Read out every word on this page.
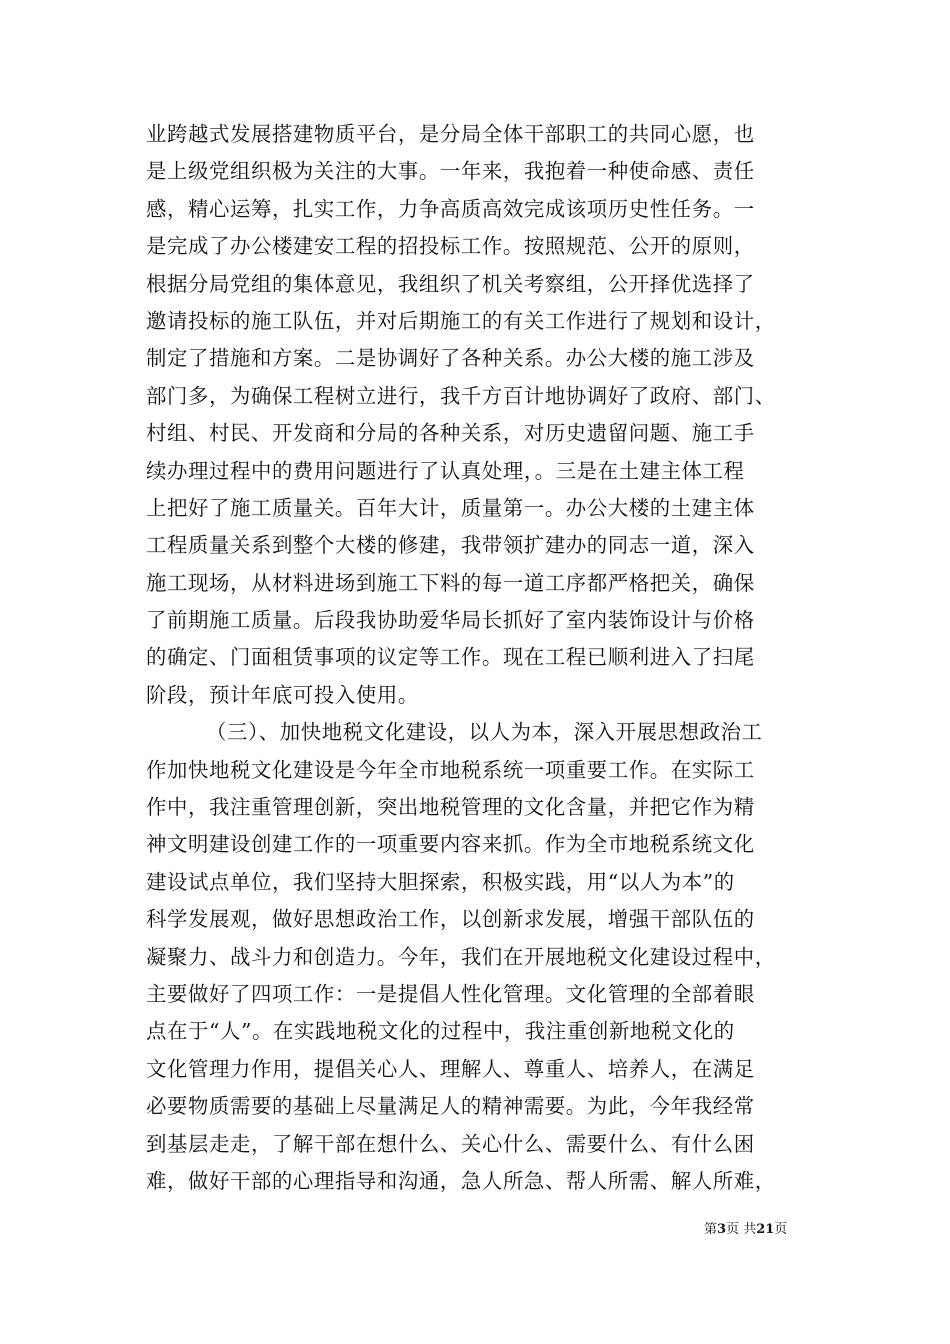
业跨越式发展搭建物质平台，是分局全体干部职工的共同心愿，也
是上级党组织极为关注的大事。一年来，我抱着一种使命感、责任
感，精心运筹，扎实工作，力争高质高效完成该项历史性任务。一
是完成了办公楼建安工程的招投标工作。按照规范、公开的原则，
根据分局党组的集体意见，我组织了机关考察组，公开择优选择了
邀请投标的施工队伍，并对后期施工的有关工作进行了规划和设计，
制定了措施和方案。二是协调好了各种关系。办公大楼的施工涉及
部门多，为确保工程树立进行，我千方百计地协调好了政府、部门、
村组、村民、开发商和分局的各种关系，对历史遗留问题、施工手
续办理过程中的费用问题进行了认真处理，。三是在土建主体工程
上把好了施工质量关。百年大计，质量第一。办公大楼的土建主体
工程质量关系到整个大楼的修建，我带领扩建办的同志一道，深入
施工现场，从材料进场到施工下料的每一道工序都严格把关，确保
了前期施工质量。后段我协助爱华局长抓好了室内装饰设计与价格
的确定、门面租赁事项的议定等工作。现在工程已顺利进入了扫尾
阶段，预计年底可投入使用。
（三）、加快地税文化建设，以人为本，深入开展思想政治工
作加快地税文化建设是今年全市地税系统一项重要工作。在实际工
作中，我注重管理创新，突出地税管理的文化含量，并把它作为精
神文明建设创建工作的一项重要内容来抓。作为全市地税系统文化
建设试点单位，我们坚持大胆探索，积极实践，用“以人为本”的
科学发展观，做好思想政治工作，以创新求发展，增强干部队伍的
凝聚力、战斗力和创造力。今年，我们在开展地税文化建设过程中，
主要做好了四项工作：一是提倡人性化管理。文化管理的全部着眼
点在于“人”。在实践地税文化的过程中，我注重创新地税文化的
文化管理力作用，提倡关心人、理解人、尊重人、培养人，在满足
必要物质需要的基础上尽量满足人的精神需要。为此，今年我经常
到基层走走，了解干部在想什么、关心什么、需要什么、有什么困
难，做好干部的心理指导和沟通，急人所急、帮人所需、解人所难，
第3页 共21页
